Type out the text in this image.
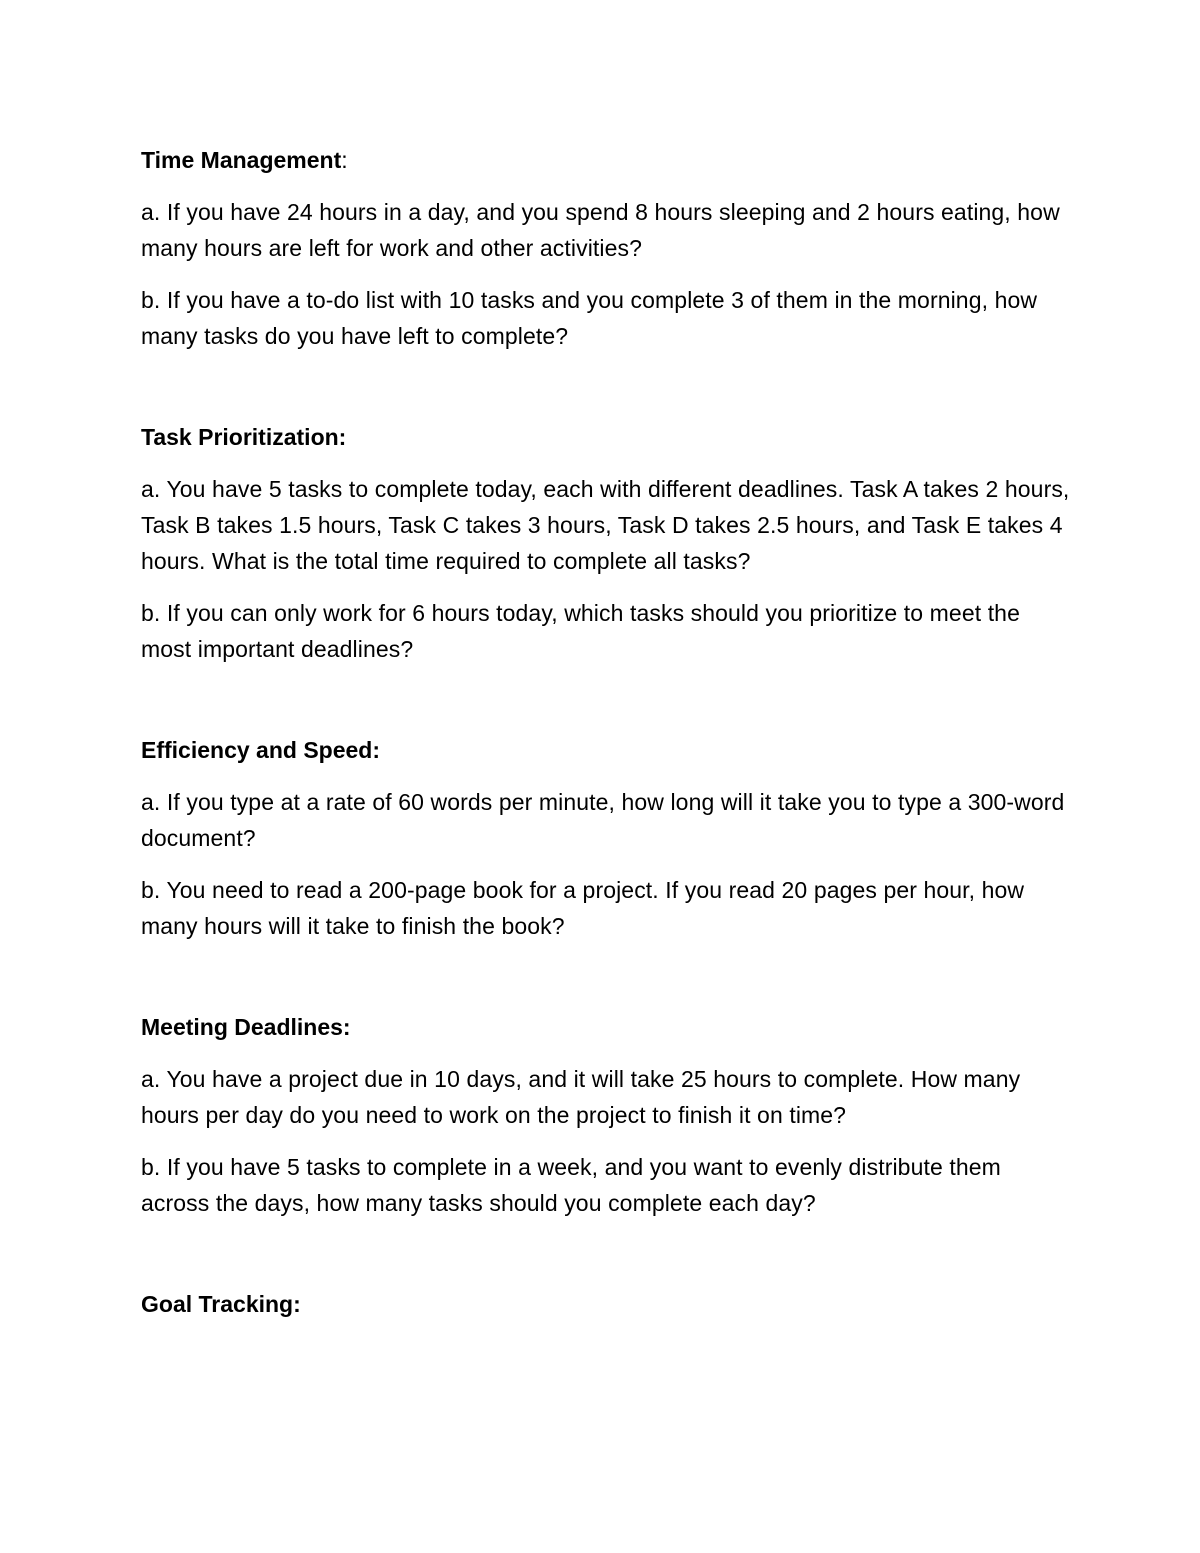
Time Management:

a. If you have 24 hours in a day, and you spend 8 hours sleeping and 2 hours eating, how many hours are left for work and other activities?

b. If you have a to-do list with 10 tasks and you complete 3 of them in the morning, how many tasks do you have left to complete?

Task Prioritization:

a. You have 5 tasks to complete today, each with different deadlines. Task A takes 2 hours, Task B takes 1.5 hours, Task C takes 3 hours, Task D takes 2.5 hours, and Task E takes 4 hours. What is the total time required to complete all tasks?

b. If you can only work for 6 hours today, which tasks should you prioritize to meet the most important deadlines?

Efficiency and Speed:

a. If you type at a rate of 60 words per minute, how long will it take you to type a 300-word document?

b. You need to read a 200-page book for a project. If you read 20 pages per hour, how many hours will it take to finish the book?

Meeting Deadlines:

a. You have a project due in 10 days, and it will take 25 hours to complete. How many hours per day do you need to work on the project to finish it on time?

b. If you have 5 tasks to complete in a week, and you want to evenly distribute them across the days, how many tasks should you complete each day?

Goal Tracking:
